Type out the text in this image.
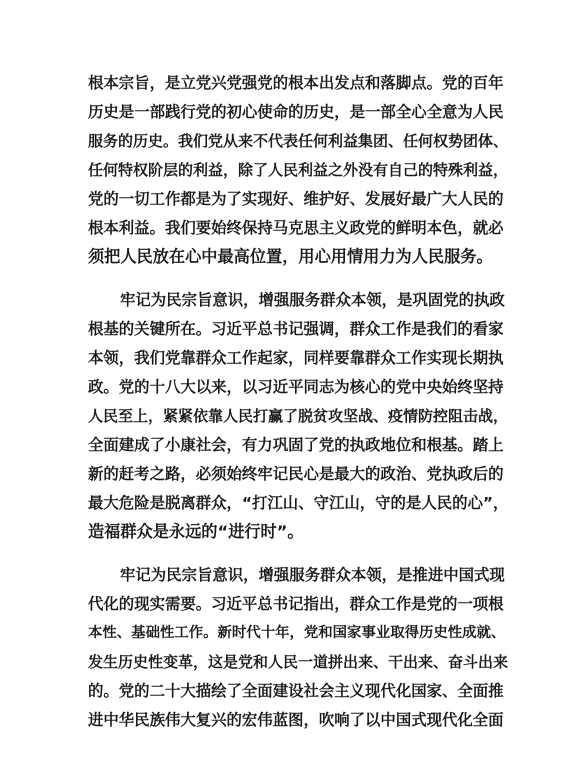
根本宗旨，是立党兴党强党的根本出发点和落脚点。党的百年
历史是一部践行党的初心使命的历史，是一部全心全意为人民
服务的历史。我们党从来不代表任何利益集团、任何权势团体、
任何特权阶层的利益，除了人民利益之外没有自己的特殊利益，
党的一切工作都是为了实现好、维护好、发展好最广大人民的
根本利益。我们要始终保持马克思主义政党的鲜明本色，就必
须把人民放在心中最高位置，用心用情用力为人民服务。
牢记为民宗旨意识，增强服务群众本领，是巩固党的执政
根基的关键所在。习近平总书记强调，群众工作是我们的看家
本领，我们党靠群众工作起家，同样要靠群众工作实现长期执
政。党的十八大以来，以习近平同志为核心的党中央始终坚持
人民至上，紧紧依靠人民打赢了脱贫攻坚战、疫情防控阻击战，
全面建成了小康社会，有力巩固了党的执政地位和根基。踏上
新的赶考之路，必须始终牢记民心是最大的政治、党执政后的
最大危险是脱离群众，“打江山、守江山，守的是人民的心”，
造福群众是永远的“进行时”。
牢记为民宗旨意识，增强服务群众本领，是推进中国式现
代化的现实需要。习近平总书记指出，群众工作是党的一项根
本性、基础性工作。新时代十年，党和国家事业取得历史性成就、
发生历史性变革，这是党和人民一道拼出来、干出来、奋斗出来
的。党的二十大描绘了全面建设社会主义现代化国家、全面推
进中华民族伟大复兴的宏伟蓝图，吹响了以中国式现代化全面
